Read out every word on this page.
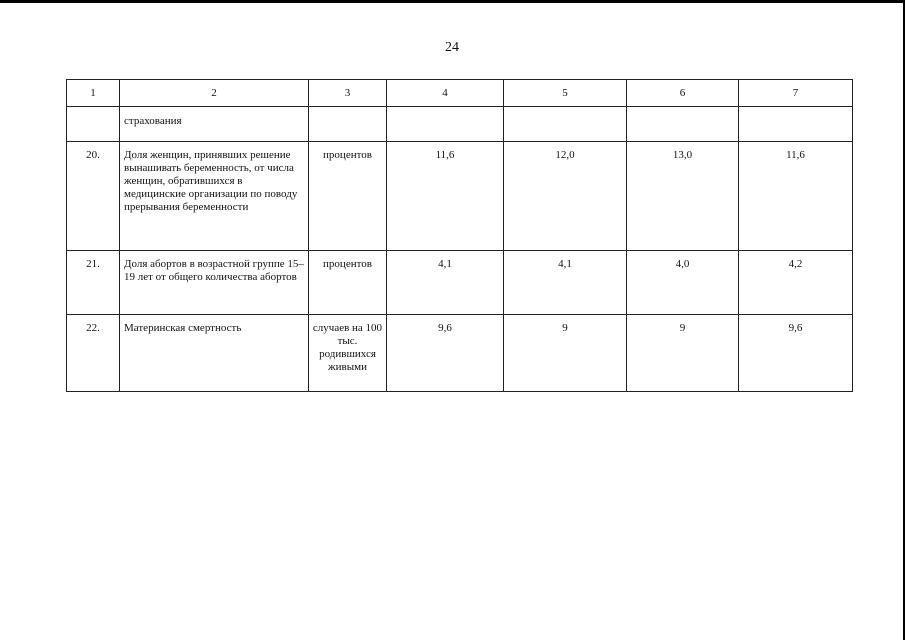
24
1	2	3	4	5	6	7
	страхования					
20.	Доля женщин, принявших решение вынашивать беременность, от числа женщин, обратившихся в медицинские организации по поводу прерывания беременности	процентов	11,6	12,0	13,0	11,6
21.	Доля абортов в возрастной группе 15–19 лет от общего количества абортов	процентов	4,1	4,1	4,0	4,2
22.	Материнская смертность	случаев на 100 тыс. родившихся живыми	9,6	9	9	9,6
